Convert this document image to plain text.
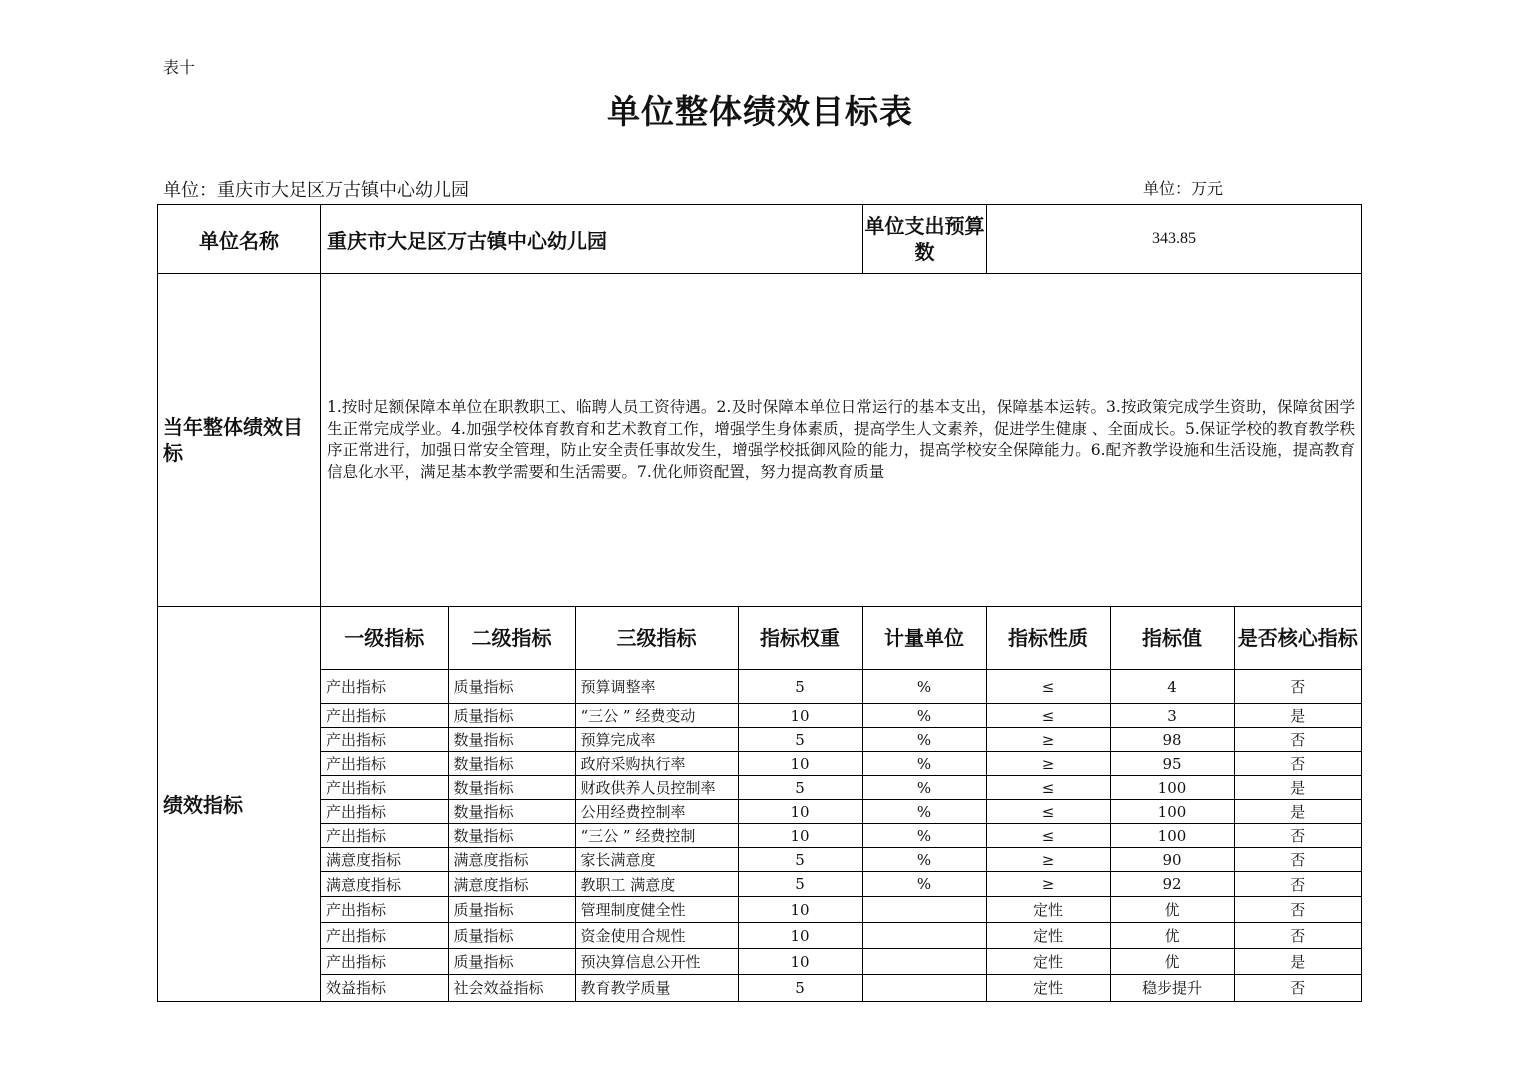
表十
单位整体绩效目标表
单位：重庆市大足区万古镇中心幼儿园	单位：万元
单位名称	重庆市大足区万古镇中心幼儿园	单位支出预算数	343.85
当年整体绩效目标	1.按时足额保障本单位在职教职工、临聘人员工资待遇。2.及时保障本单位日常运行的基本支出，保障基本运转。3.按政策完成学生资助，保障贫困学生正常完成学业。4.加强学校体育教育和艺术教育工作，增强学生身体素质，提高学生人文素养，促进学生健康 、全面成长。5.保证学校的教育教学秩序正常进行，加强日常安全管理，防止安全责任事故发生，增强学校抵御风险的能力，提高学校安全保障能力。6.配齐教学设施和生活设施，提高教育信息化水平，满足基本教学需要和生活需要。7.优化师资配置，努力提高教育质量
绩效指标	
一级指标	二级指标	三级指标	指标权重	计量单位	指标性质	指标值	是否核心指标
产出指标	质量指标	预算调整率	5	%	≤	4	否
产出指标	质量指标	“三公 ” 经费变动	10	%	≤	3	是
产出指标	数量指标	预算完成率	5	%	≥	98	否
产出指标	数量指标	政府采购执行率	10	%	≥	95	否
产出指标	数量指标	财政供养人员控制率	5	%	≤	100	是
产出指标	数量指标	公用经费控制率	10	%	≤	100	是
产出指标	数量指标	“三公 ” 经费控制	10	%	≤	100	否
满意度指标	满意度指标	家长满意度	5	%	≥	90	否
满意度指标	满意度指标	教职工 满意度	5	%	≥	92	否
产出指标	质量指标	管理制度健全性	10		定性	优	否
产出指标	质量指标	资金使用合规性	10		定性	优	否
产出指标	质量指标	预决算信息公开性	10		定性	优	是
效益指标	社会效益指标	教育教学质量	5		定性	稳步提升	否
